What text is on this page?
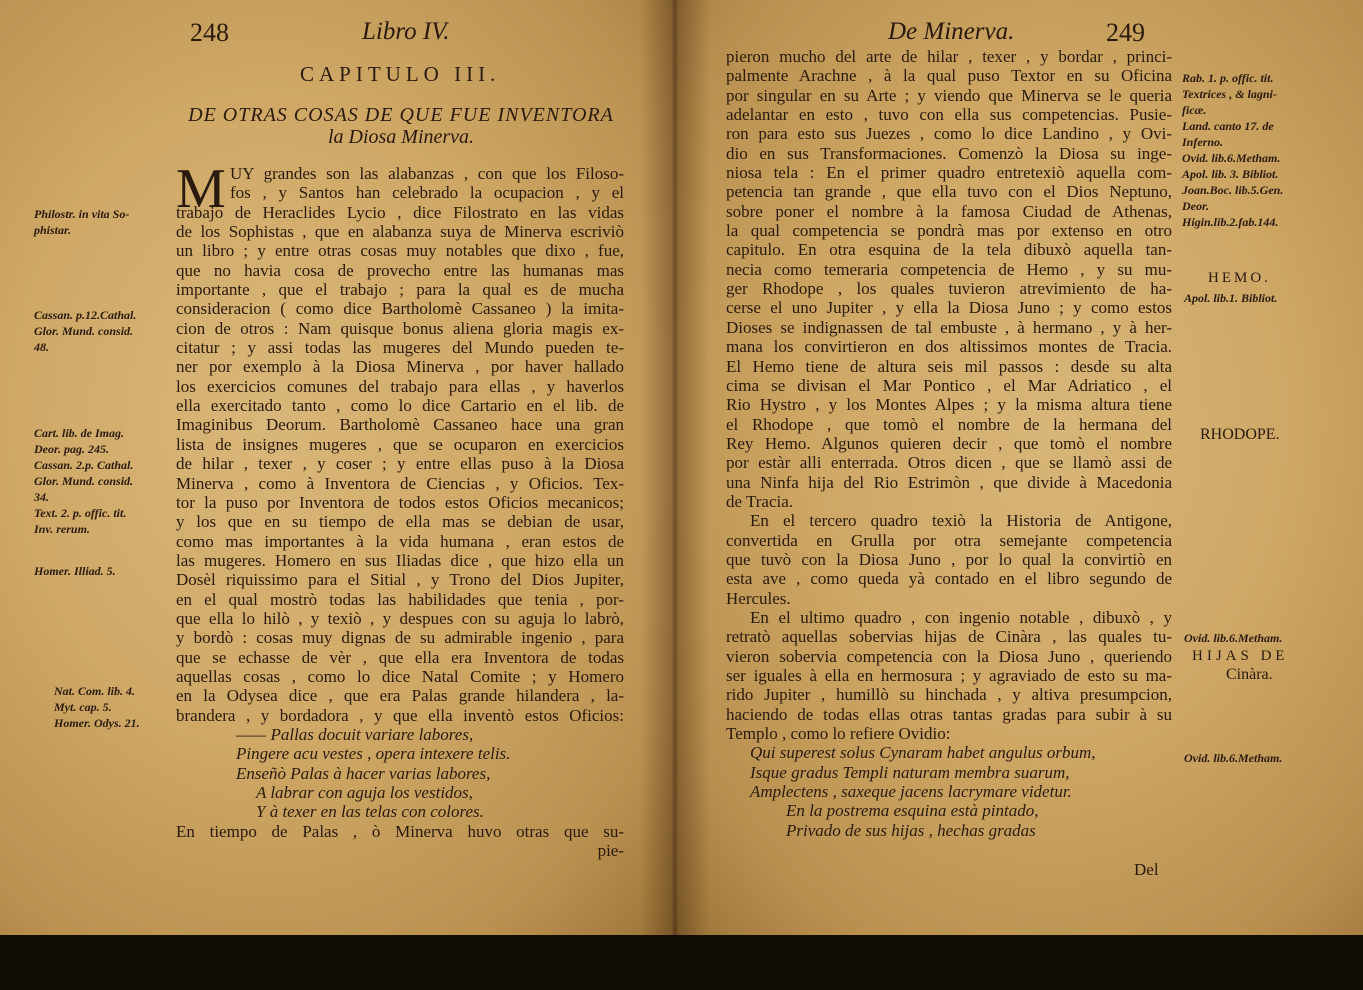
248	Libro IV.
CAPITULO III.
DE OTRAS COSAS DE QUE FUE INVENTORA
la Diosa Minerva.
M UY grandes son las alabanzas , con que los Filoso-
fos , y Santos han celebrado la ocupacion , y el
trabajo de Heraclides Lycio , dice Filostrato en las vidas
de los Sophistas , que en alabanza suya de Minerva escriviò
un libro ; y entre otras cosas muy notables que dixo , fue,
que no havia cosa de provecho entre las humanas mas
importante , que el trabajo ; para la qual es de mucha
consideracion ( como dice Bartholomè Cassaneo ) la imita-
cion de otros : Nam quisque bonus aliena gloria magis ex-
citatur ; y assi todas las mugeres del Mundo pueden te-
ner por exemplo à la Diosa Minerva , por haver hallado
los exercicios comunes del trabajo para ellas , y haverlos
ella exercitado tanto , como lo dice Cartario en el lib. de
Imaginibus Deorum. Bartholomè Cassaneo hace una gran
lista de insignes mugeres , que se ocuparon en exercicios
de hilar , texer , y coser ; y entre ellas puso à la Diosa
Minerva , como à Inventora de Ciencias , y Oficios. Tex-
tor la puso por Inventora de todos estos Oficios mecanicos;
y los que en su tiempo de ella mas se debian de usar,
como mas importantes à la vida humana , eran estos de
las mugeres. Homero en sus Iliadas dice , que hizo ella un
Dosèl riquissimo para el Sitial , y Trono del Dios Jupiter,
en el qual mostrò todas las habilidades que tenia , por-
que ella lo hilò , y texiò , y despues con su aguja lo labrò,
y bordò : cosas muy dignas de su admirable ingenio , para
que se echasse de vèr , que ella era Inventora de todas
aquellas cosas , como lo dice Natal Comite ; y Homero
en la Odysea dice , que era Palas grande hilandera , la-
brandera , y bordadora , y que ella inventò estos Oficios:
—— Pallas docuit variare labores,
Pingere acu vestes , opera intexere telis.
Enseñò Palas à hacer varias labores,
A labrar con aguja los vestidos,
Y à texer en las telas con colores.
En tiempo de Palas , ò Minerva huvo otras que su-
pie-
Philostr. in vita So-
phistar.
Cassan. p.12.Cathal.
Glor. Mund. consid.
48.
Cart. lib. de Imag.
Deor. pag. 245.
Cassan. 2.p. Cathal.
Glor. Mund. consid.
34.
Text. 2. p. offic. tit.
Inv. rerum.
Homer. Illiad. 5.
Nat. Com. lib. 4.
Myt. cap. 5.
Homer. Odys. 21.
De Minerva.	249
pieron mucho del arte de hilar , texer , y bordar , princi-
palmente Arachne , à la qual puso Textor en su Oficina
por singular en su Arte ; y viendo que Minerva se le queria
adelantar en esto , tuvo con ella sus competencias. Pusie-
ron para esto sus Juezes , como lo dice Landino , y Ovi-
dio en sus Transformaciones. Comenzò la Diosa su inge-
niosa tela : En el primer quadro entretexiò aquella com-
petencia tan grande , que ella tuvo con el Dios Neptuno,
sobre poner el nombre à la famosa Ciudad de Athenas,
la qual competencia se pondrà mas por extenso en otro
capitulo. En otra esquina de la tela dibuxò aquella tan-
necia como temeraria competencia de Hemo , y su mu-
ger Rhodope , los quales tuvieron atrevimiento de ha-
cerse el uno Jupiter , y ella la Diosa Juno ; y como estos
Dioses se indignassen de tal embuste , à hermano , y à her-
mana los convirtieron en dos altissimos montes de Tracia.
El Hemo tiene de altura seis mil passos : desde su alta
cima se divisan el Mar Pontico , el Mar Adriatico , el
Rio Hystro , y los Montes Alpes ; y la misma altura tiene
el Rhodope , que tomò el nombre de la hermana del
Rey Hemo. Algunos quieren decir , que tomò el nombre
por estàr alli enterrada. Otros dicen , que se llamò assi de
una Ninfa hija del Rio Estrimòn , que divide à Macedonia
de Tracia.
En el tercero quadro texiò la Historia de Antigone,
convertida en Grulla por otra semejante competencia
que tuvò con la Diosa Juno , por lo qual la convirtiò en
esta ave , como queda yà contado en el libro segundo de
Hercules.
En el ultimo quadro , con ingenio notable , dibuxò , y
retratò aquellas sobervias hijas de Cinàra , las quales tu-
vieron sobervia competencia con la Diosa Juno , queriendo
ser iguales à ella en hermosura ; y agraviado de esto su ma-
rido Jupiter , humillò su hinchada , y altiva presumpcion,
haciendo de todas ellas otras tantas gradas para subir à su
Templo , como lo refiere Ovidio:
Qui superest solus Cynaram habet angulus orbum,
Isque gradus Templi naturam membra suarum,
Amplectens , saxeque jacens lacrymare videtur.
En la postrema esquina està pintado,
Privado de sus hijas , hechas gradas
Rab. 1. p. offic. tit.
Textrices , & lagni-
ficæ.
Land. canto 17. de
Inferno.
Ovid. lib.6.Metham.
Apol. lib. 3. Bibliot.
Joan.Boc. lib.5.Gen.
Deor.
Higin.lib.2.fab.144.
HEMO.
Apol. lib.1. Bibliot.
RHODOPE.
Ovid. lib.6.Metham.
HIJAS DE
Cinàra.
Ovid. lib.6.Metham.
Del
